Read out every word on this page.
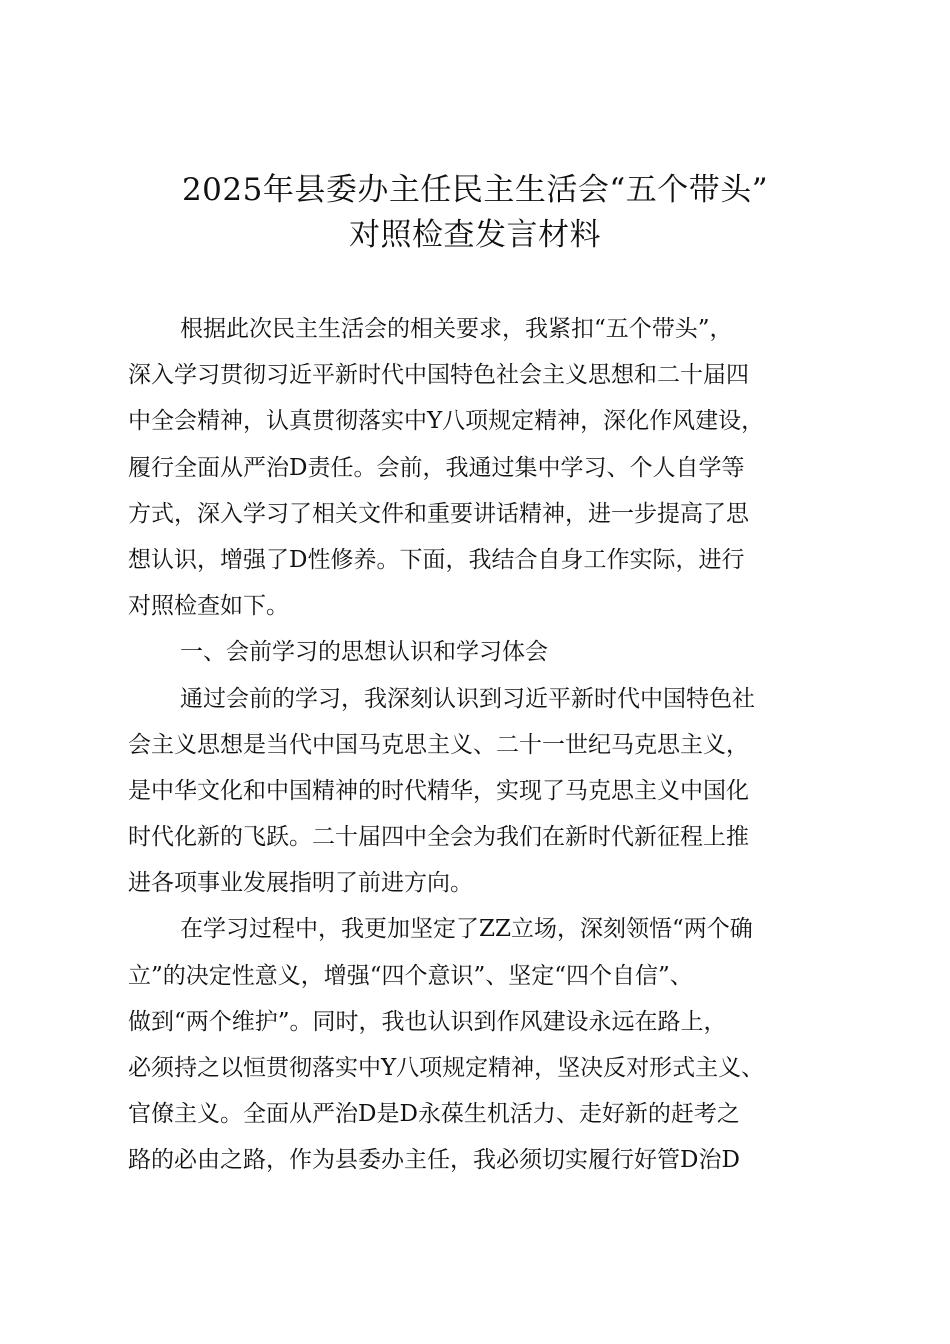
2025年县委办主任民主生活会“五个带头”
对照检查发言材料
根据此次民主生活会的相关要求，我紧扣“五个带头”，
深入学习贯彻习近平新时代中国特色社会主义思想和二十届四
中全会精神，认真贯彻落实中Y八项规定精神，深化作风建设，
履行全面从严治D责任。会前，我通过集中学习、个人自学等
方式，深入学习了相关文件和重要讲话精神，进一步提高了思
想认识，增强了D性修养。下面，我结合自身工作实际，进行
对照检查如下。
一、会前学习的思想认识和学习体会
通过会前的学习，我深刻认识到习近平新时代中国特色社
会主义思想是当代中国马克思主义、二十一世纪马克思主义，
是中华文化和中国精神的时代精华，实现了马克思主义中国化
时代化新的飞跃。二十届四中全会为我们在新时代新征程上推
进各项事业发展指明了前进方向。
在学习过程中，我更加坚定了ZZ立场，深刻领悟“两个确
立”的决定性意义，增强“四个意识”、坚定“四个自信”、
做到“两个维护”。同时，我也认识到作风建设永远在路上，
必须持之以恒贯彻落实中Y八项规定精神，坚决反对形式主义、
官僚主义。全面从严治D是D永葆生机活力、走好新的赶考之
路的必由之路，作为县委办主任，我必须切实履行好管D治D
